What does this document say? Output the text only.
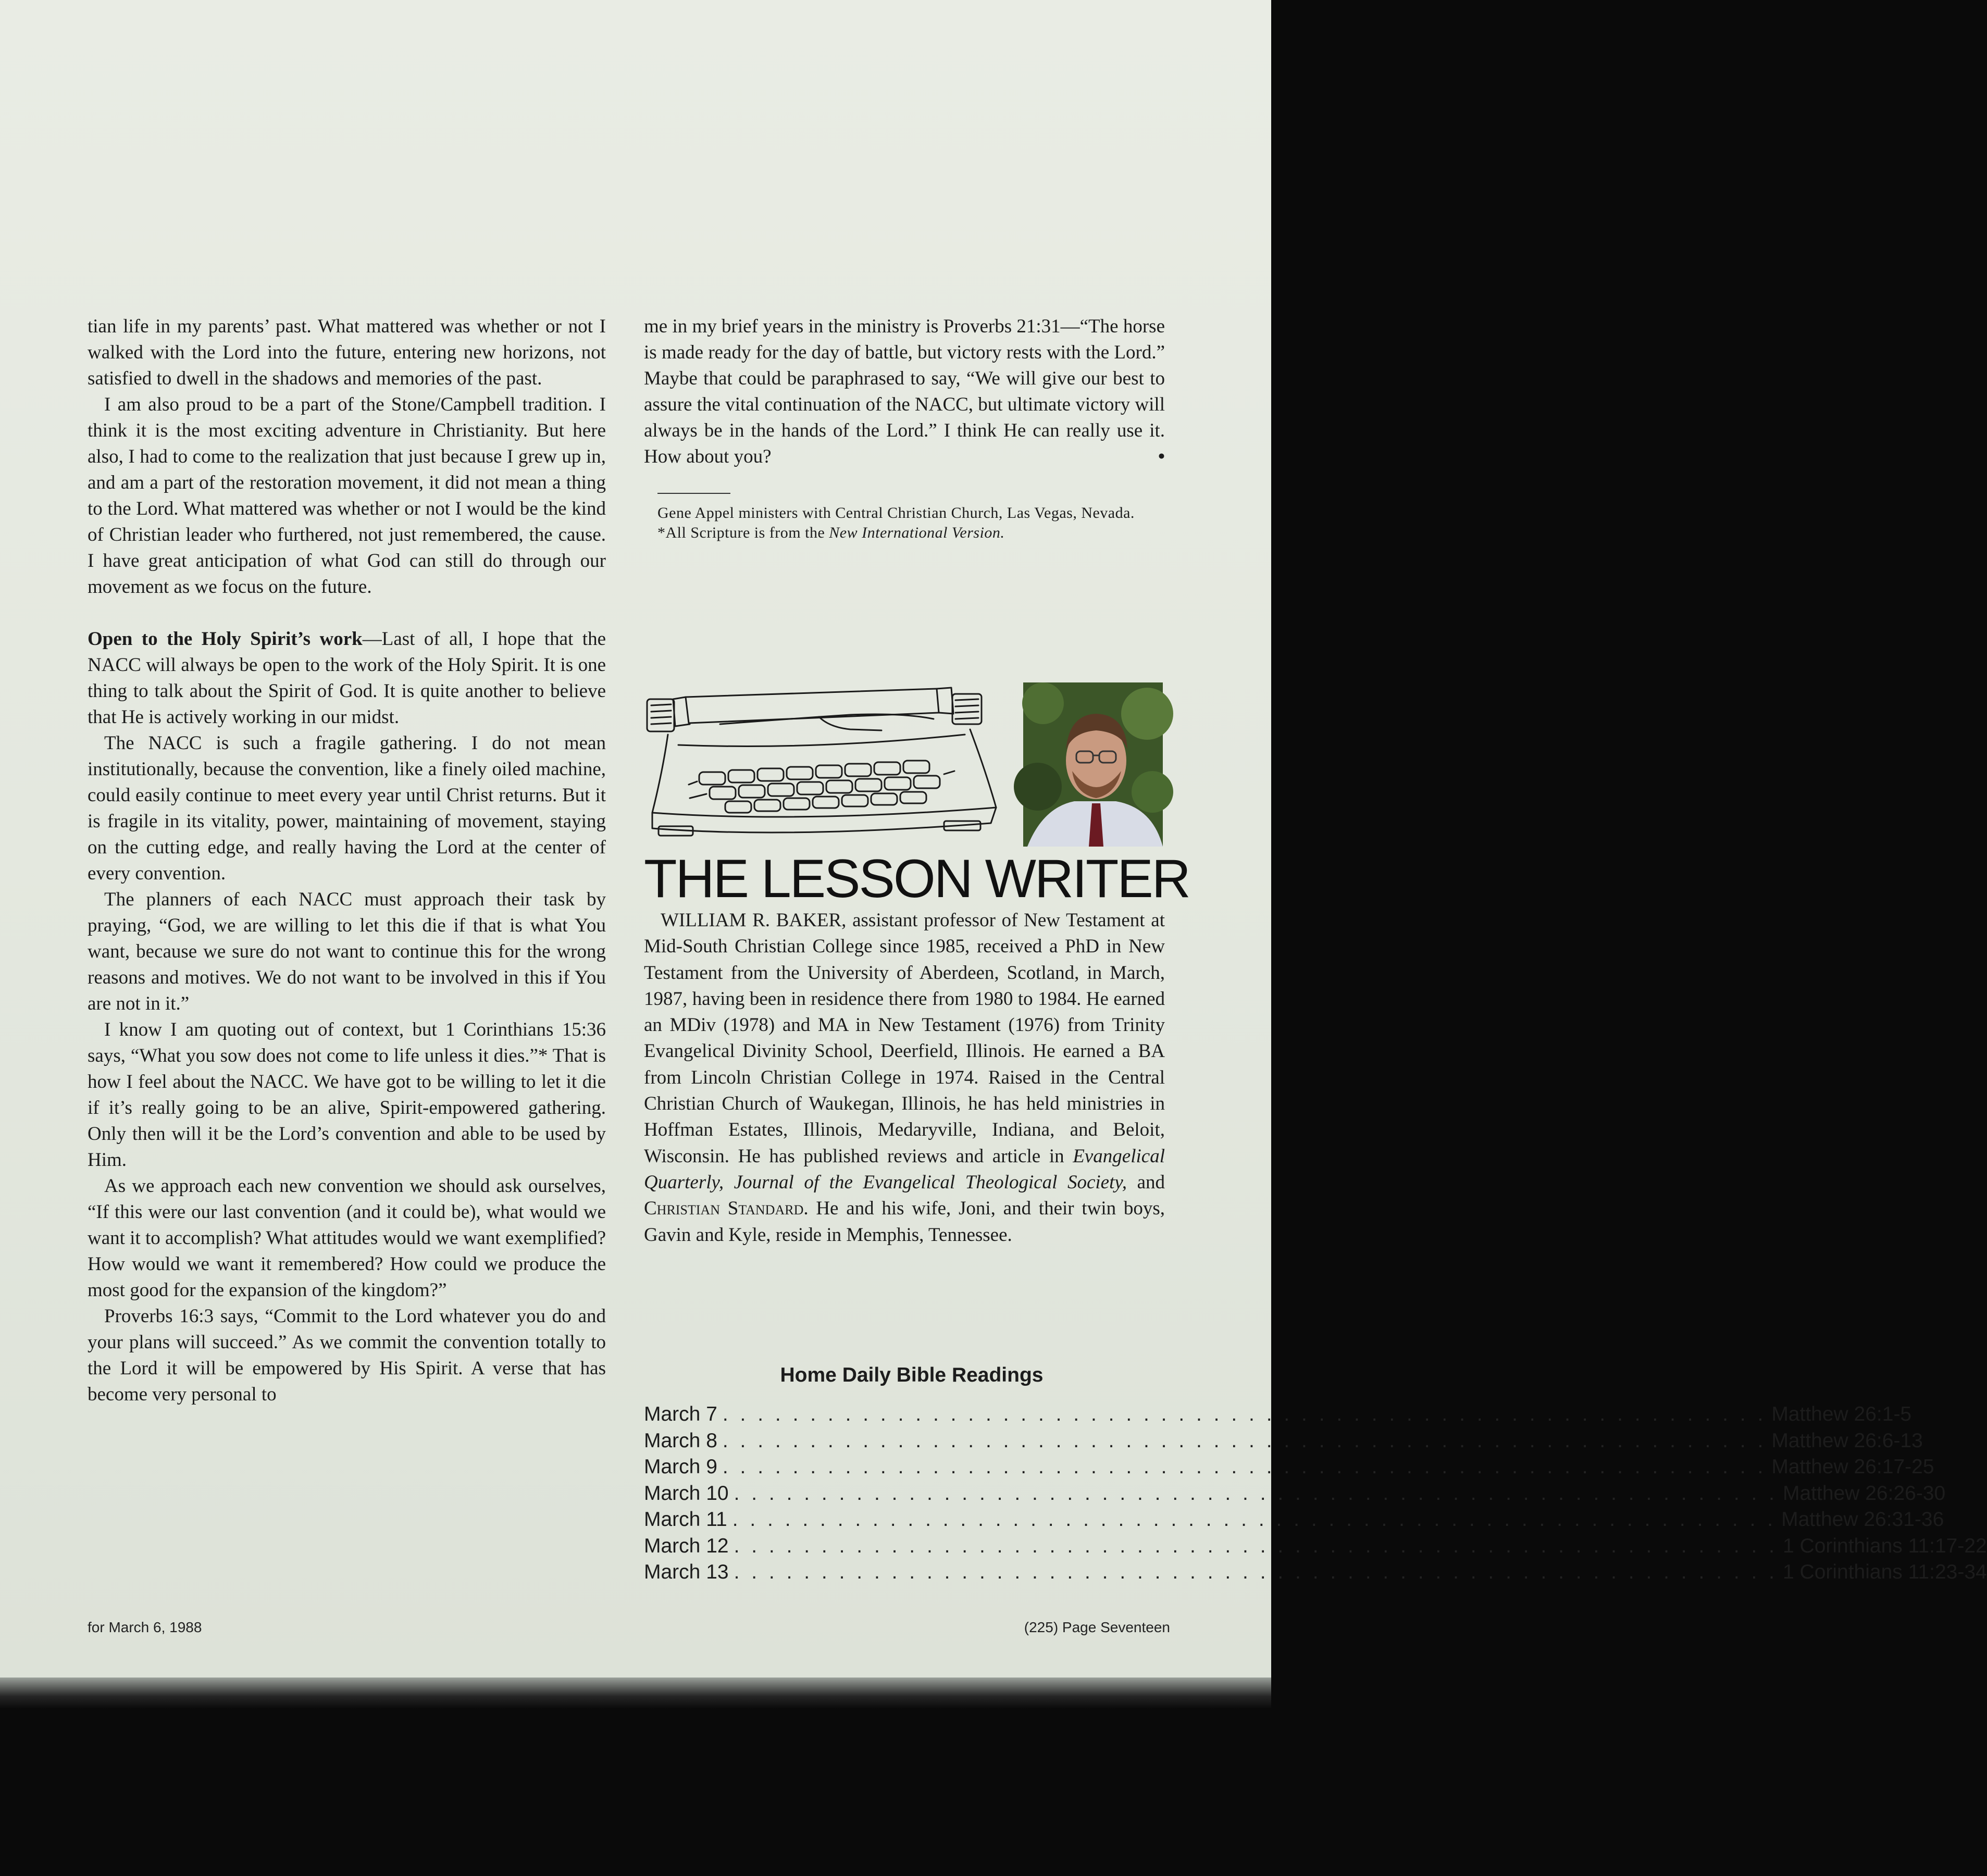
tian life in my parents’ past. What mattered was whether or not I walked with the Lord into the future, entering new horizons, not satisfied to dwell in the shadows and memories of the past.

I am also proud to be a part of the Stone/Campbell tradition. I think it is the most exciting adventure in Christianity. But here also, I had to come to the realization that just because I grew up in, and am a part of the restoration movement, it did not mean a thing to the Lord. What mattered was whether or not I would be the kind of Christian leader who furthered, not just remembered, the cause. I have great anticipation of what God can still do through our movement as we focus on the future.

Open to the Holy Spirit’s work—Last of all, I hope that the NACC will always be open to the work of the Holy Spirit. It is one thing to talk about the Spirit of God. It is quite another to believe that He is actively working in our midst.

The NACC is such a fragile gathering. I do not mean institutionally, because the convention, like a finely oiled machine, could easily continue to meet every year until Christ returns. But it is fragile in its vitality, power, maintaining of movement, staying on the cutting edge, and really having the Lord at the center of every convention.

The planners of each NACC must approach their task by praying, “God, we are willing to let this die if that is what You want, because we sure do not want to continue this for the wrong reasons and motives. We do not want to be involved in this if You are not in it.”

I know I am quoting out of context, but 1 Corinthians 15:36 says, “What you sow does not come to life unless it dies.”* That is how I feel about the NACC. We have got to be willing to let it die if it’s really going to be an alive, Spirit-empowered gathering. Only then will it be the Lord’s convention and able to be used by Him.

As we approach each new convention we should ask ourselves, “If this were our last convention (and it could be), what would we want it to accomplish? What attitudes would we want exemplified? How would we want it remembered? How could we produce the most good for the expansion of the kingdom?”

Proverbs 16:3 says, “Commit to the Lord whatever you do and your plans will succeed.” As we commit the convention totally to the Lord it will be empowered by His Spirit. A verse that has become very personal to

me in my brief years in the ministry is Proverbs 21:31—“The horse is made ready for the day of battle, but victory rests with the Lord.” Maybe that could be paraphrased to say, “We will give our best to assure the vital continuation of the NACC, but ultimate victory will always be in the hands of the Lord.” I think He can really use it. How about you?	•

Gene Appel ministers with Central Christian Church, Las Vegas, Nevada.

*All Scripture is from the New International Version.

THE LESSON WRITER

WILLIAM R. BAKER, assistant professor of New Testament at Mid-South Christian College since 1985, received a PhD in New Testament from the University of Aberdeen, Scotland, in March, 1987, having been in residence there from 1980 to 1984. He earned an MDiv (1978) and MA in New Testament (1976) from Trinity Evangelical Divinity School, Deerfield, Illinois. He earned a BA from Lincoln Christian College in 1974. Raised in the Central Christian Church of Waukegan, Illinois, he has held ministries in Hoffman Estates, Illinois, Medaryville, Indiana, and Beloit, Wisconsin. He has published reviews and article in Evangelical Quarterly, Journal of the Evangelical Theological Society, and Christian Standard. He and his wife, Joni, and their twin boys, Gavin and Kyle, reside in Memphis, Tennessee.

Home Daily Bible Readings
March 7 . . . . . . . . . . . . . . . . . . . . . . . . . . . . . . . . . . . . . . . . . . . . . . . . . . . . . . . . . . . . Matthew 26:1-5
March 8 . . . . . . . . . . . . . . . . . . . . . . . . . . . . . . . . . . . . . . . . . . . . . . . . . . . . . . . . . . . . Matthew 26:6-13
March 9 . . . . . . . . . . . . . . . . . . . . . . . . . . . . . . . . . . . . . . . . . . . . . . . . . . . . . . . . . . . . Matthew 26:17-25
March 10 . . . . . . . . . . . . . . . . . . . . . . . . . . . . . . . . . . . . . . . . . . . . . . . . . . . . . . . . . . . . Matthew 26:26-30
March 11 . . . . . . . . . . . . . . . . . . . . . . . . . . . . . . . . . . . . . . . . . . . . . . . . . . . . . . . . . . . . Matthew 26:31-36
March 12 . . . . . . . . . . . . . . . . . . . . . . . . . . . . . . . . . . . . . . . . . . . . . . . . . . . . . . . . . . . . 1 Corinthians 11:17-22
March 13 . . . . . . . . . . . . . . . . . . . . . . . . . . . . . . . . . . . . . . . . . . . . . . . . . . . . . . . . . . . . 1 Corinthians 11:23-34
for March 6, 1988	(225) Page Seventeen
